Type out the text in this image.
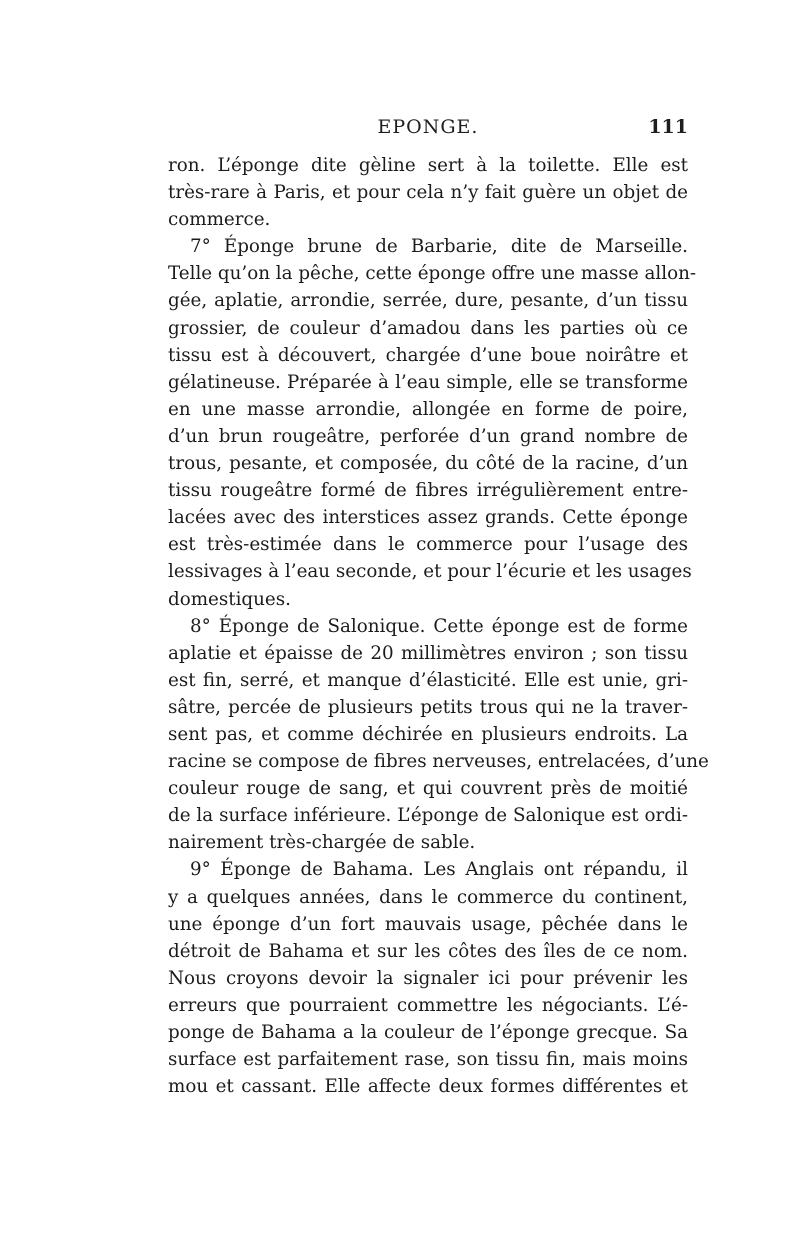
EPONGE.	111
ron. L’éponge dite gèline sert à la toilette. Elle est
très-rare à Paris, et pour cela n’y fait guère un objet de
commerce.
7° Éponge brune de Barbarie, dite de Marseille.
Telle qu’on la pêche, cette éponge offre une masse allon-
gée, aplatie, arrondie, serrée, dure, pesante, d’un tissu
grossier, de couleur d’amadou dans les parties où ce
tissu est à découvert, chargée d’une boue noirâtre et
gélatineuse. Préparée à l’eau simple, elle se transforme
en une masse arrondie, allongée en forme de poire,
d’un brun rougeâtre, perforée d’un grand nombre de
trous, pesante, et composée, du côté de la racine, d’un
tissu rougeâtre formé de fibres irrégulièrement entre-
lacées avec des interstices assez grands. Cette éponge
est très-estimée dans le commerce pour l’usage des
lessivages à l’eau seconde, et pour l’écurie et les usages
domestiques.
8° Éponge de Salonique. Cette éponge est de forme
aplatie et épaisse de 20 millimètres environ ; son tissu
est fin, serré, et manque d’élasticité. Elle est unie, gri-
sâtre, percée de plusieurs petits trous qui ne la traver-
sent pas, et comme déchirée en plusieurs endroits. La
racine se compose de fibres nerveuses, entrelacées, d’une
couleur rouge de sang, et qui couvrent près de moitié
de la surface inférieure. L’éponge de Salonique est ordi-
nairement très-chargée de sable.
9° Éponge de Bahama. Les Anglais ont répandu, il
y a quelques années, dans le commerce du continent,
une éponge d’un fort mauvais usage, pêchée dans le
détroit de Bahama et sur les côtes des îles de ce nom.
Nous croyons devoir la signaler ici pour prévenir les
erreurs que pourraient commettre les négociants. L’é-
ponge de Bahama a la couleur de l’éponge grecque. Sa
surface est parfaitement rase, son tissu fin, mais moins
mou et cassant. Elle affecte deux formes différentes et
